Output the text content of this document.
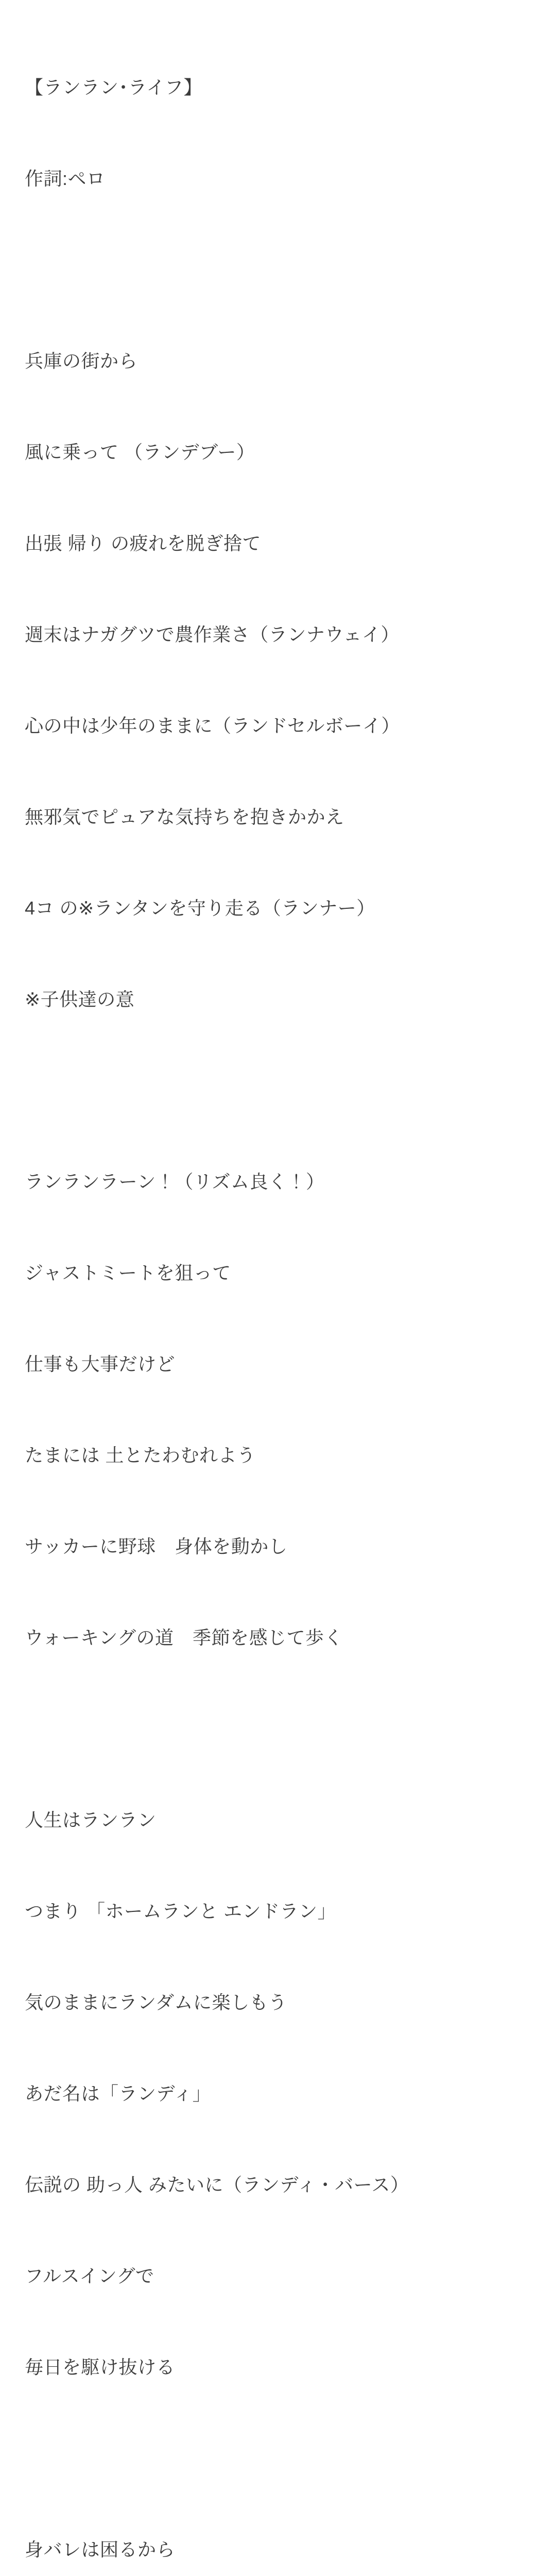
【ランラン･ライフ】

作詞:ペロ

兵庫の街から

風に乗って （ランデブー）

出張 帰り の疲れを脱ぎ捨て

週末はナガグツで農作業さ（ランナウェイ）

心の中は少年のままに（ランドセルボーイ）

無邪気でピュアな気持ちを抱きかかえ

4コ の※ランタンを守り走る（ランナー）

※子供達の意

ランランラーン！（リズム良く！）

ジャストミートを狙って

仕事も大事だけど

たまには 土とたわむれよう

サッカーに野球　身体を動かし

ウォーキングの道　季節を感じて歩く

人生はランラン

つまり 「ホームランと エンドラン」

気のままにランダムに楽しもう

あだ名は「ランディ」

伝説の 助っ人 みたいに（ランディ・バース）

フルスイングで

毎日を駆け抜ける

身バレは困るから
